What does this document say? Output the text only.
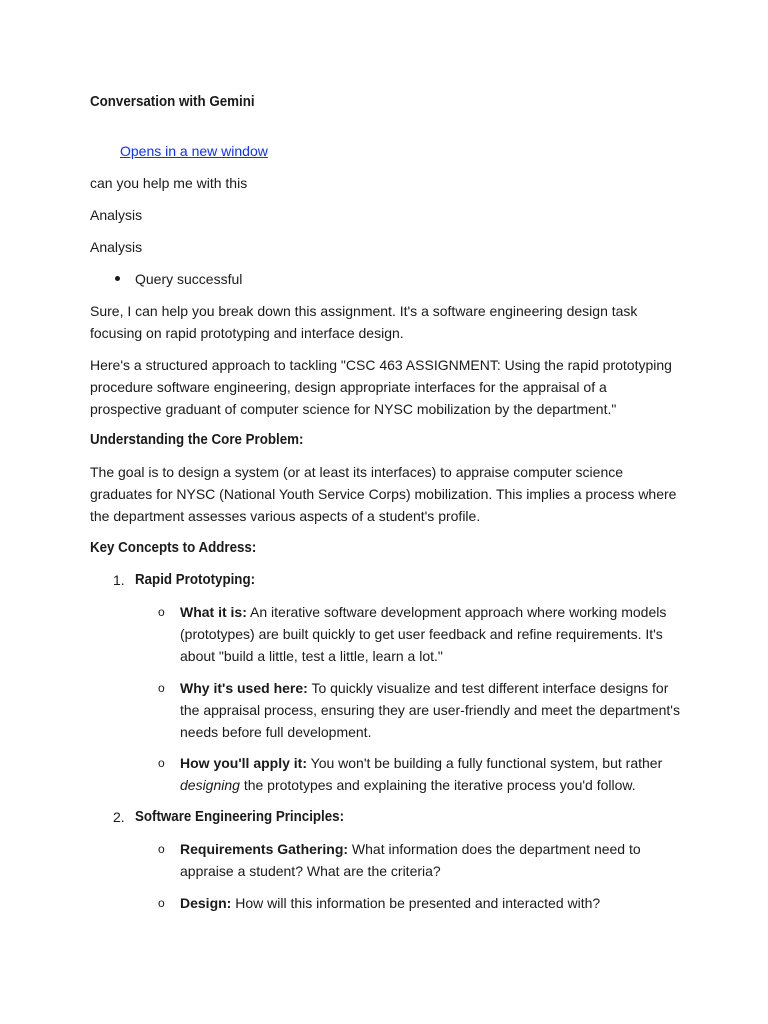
Conversation with Gemini
Opens in a new window
can you help me with this
Analysis
Analysis
Query successful
Sure, I can help you break down this assignment. It's a software engineering design task focusing on rapid prototyping and interface design.
Here's a structured approach to tackling "CSC 463 ASSIGNMENT: Using the rapid prototyping procedure software engineering, design appropriate interfaces for the appraisal of a prospective graduant of computer science for NYSC mobilization by the department."
Understanding the Core Problem:
The goal is to design a system (or at least its interfaces) to appraise computer science graduates for NYSC (National Youth Service Corps) mobilization. This implies a process where the department assesses various aspects of a student's profile.
Key Concepts to Address:
1. Rapid Prototyping:
o What it is: An iterative software development approach where working models (prototypes) are built quickly to get user feedback and refine requirements. It's about "build a little, test a little, learn a lot."
o Why it's used here: To quickly visualize and test different interface designs for the appraisal process, ensuring they are user-friendly and meet the department's needs before full development.
o How you'll apply it: You won't be building a fully functional system, but rather designing the prototypes and explaining the iterative process you'd follow.
2. Software Engineering Principles:
o Requirements Gathering: What information does the department need to appraise a student? What are the criteria?
o Design: How will this information be presented and interacted with?
